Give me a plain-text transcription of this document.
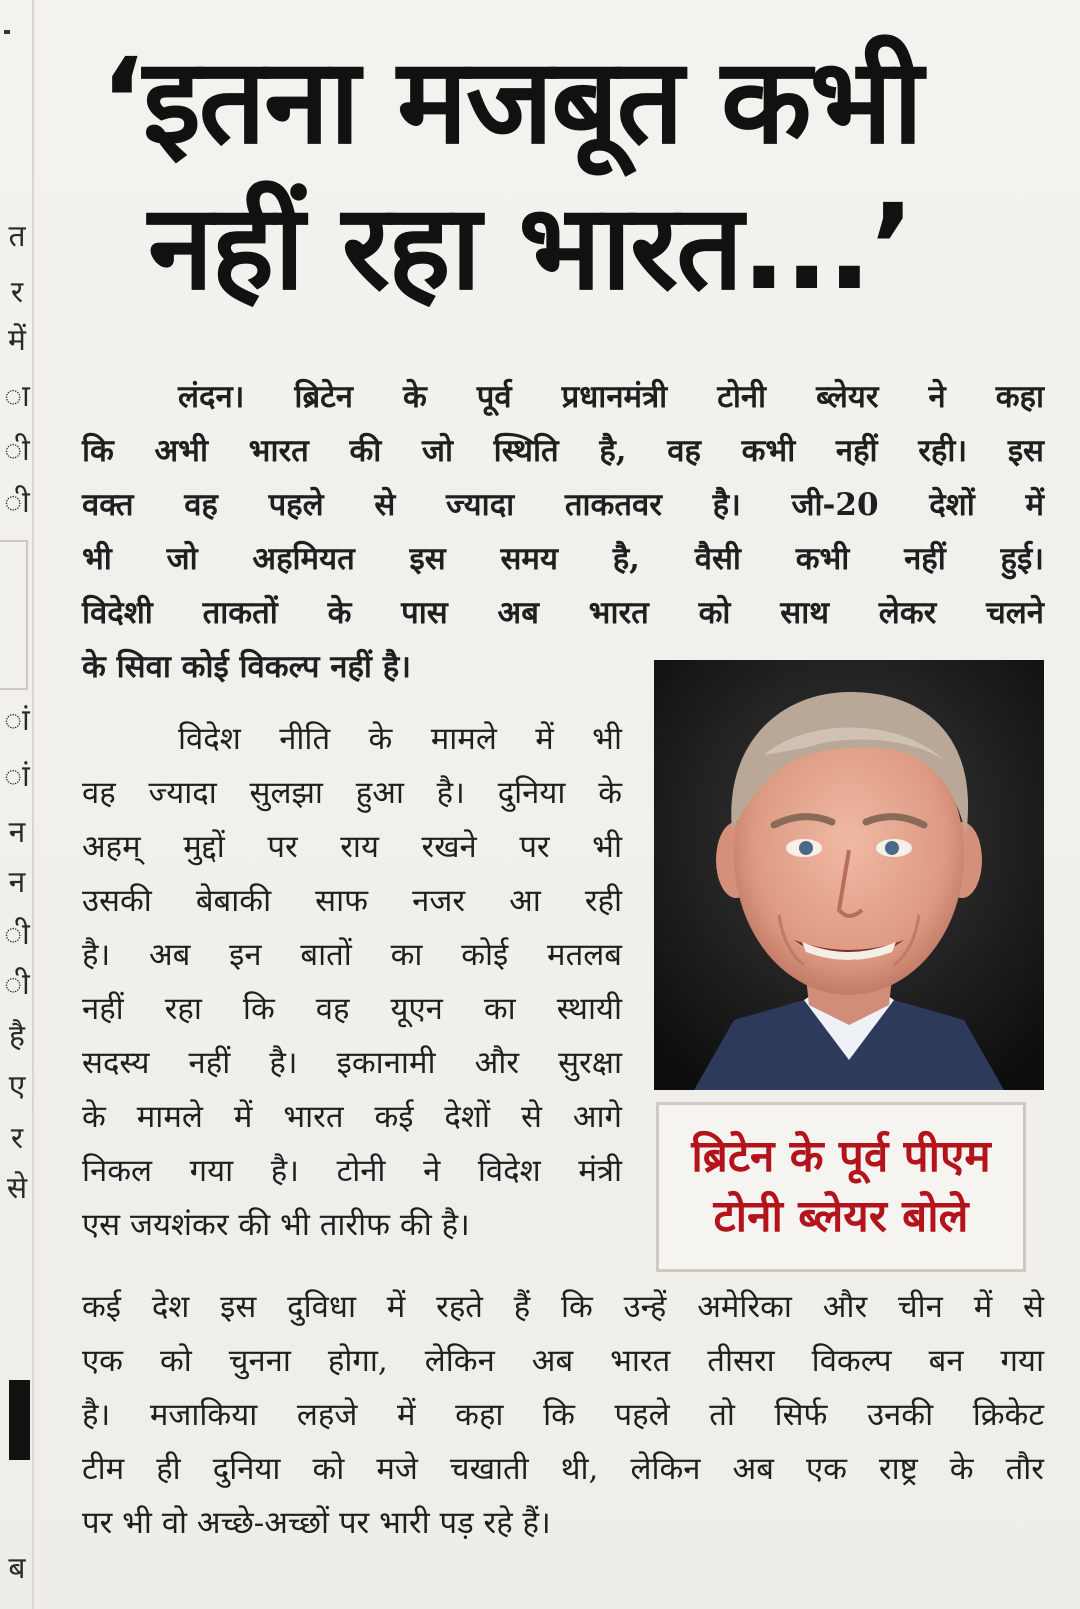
त
र
में
ा
ी
ी
ां
ां
न
न
ी
ी
है
ए
र
से
ब
‘इतना मजबूत कभी
नहीं रहा भारत...’
लंदन। ब्रिटेन के पूर्व प्रधानमंत्री टोनी ब्लेयर ने कहा
कि अभी भारत की जो स्थिति है, वह कभी नहीं रही। इस
वक्त वह पहले से ज्यादा ताकतवर है। जी-20 देशों में
भी जो अहमियत इस समय है, वैसी कभी नहीं हुई।
विदेशी ताकतों के पास अब भारत को साथ लेकर चलने
के सिवा कोई विकल्प नहीं है।
विदेश नीति के मामले में भी
वह ज्यादा सुलझा हुआ है। दुनिया के
अहम् मुद्दों पर राय रखने पर भी
उसकी बेबाकी साफ नजर आ रही
है। अब इन बातों का कोई मतलब
नहीं रहा कि वह यूएन का स्थायी
सदस्य नहीं है। इकानामी और सुरक्षा
के मामले में भारत कई देशों से आगे
निकल गया है। टोनी ने विदेश मंत्री
एस जयशंकर की भी तारीफ की है।
ब्रिटेन के पूर्व पीएम
टोनी ब्लेयर बोले
कई देश इस दुविधा में रहते हैं कि उन्हें अमेरिका और चीन में से
एक को चुनना होगा, लेकिन अब भारत तीसरा विकल्प बन गया
है। मजाकिया लहजे में कहा कि पहले तो सिर्फ उनकी क्रिकेट
टीम ही दुनिया को मजे चखाती थी, लेकिन अब एक राष्ट्र के तौर
पर भी वो अच्छे-अच्छों पर भारी पड़ रहे हैं।
